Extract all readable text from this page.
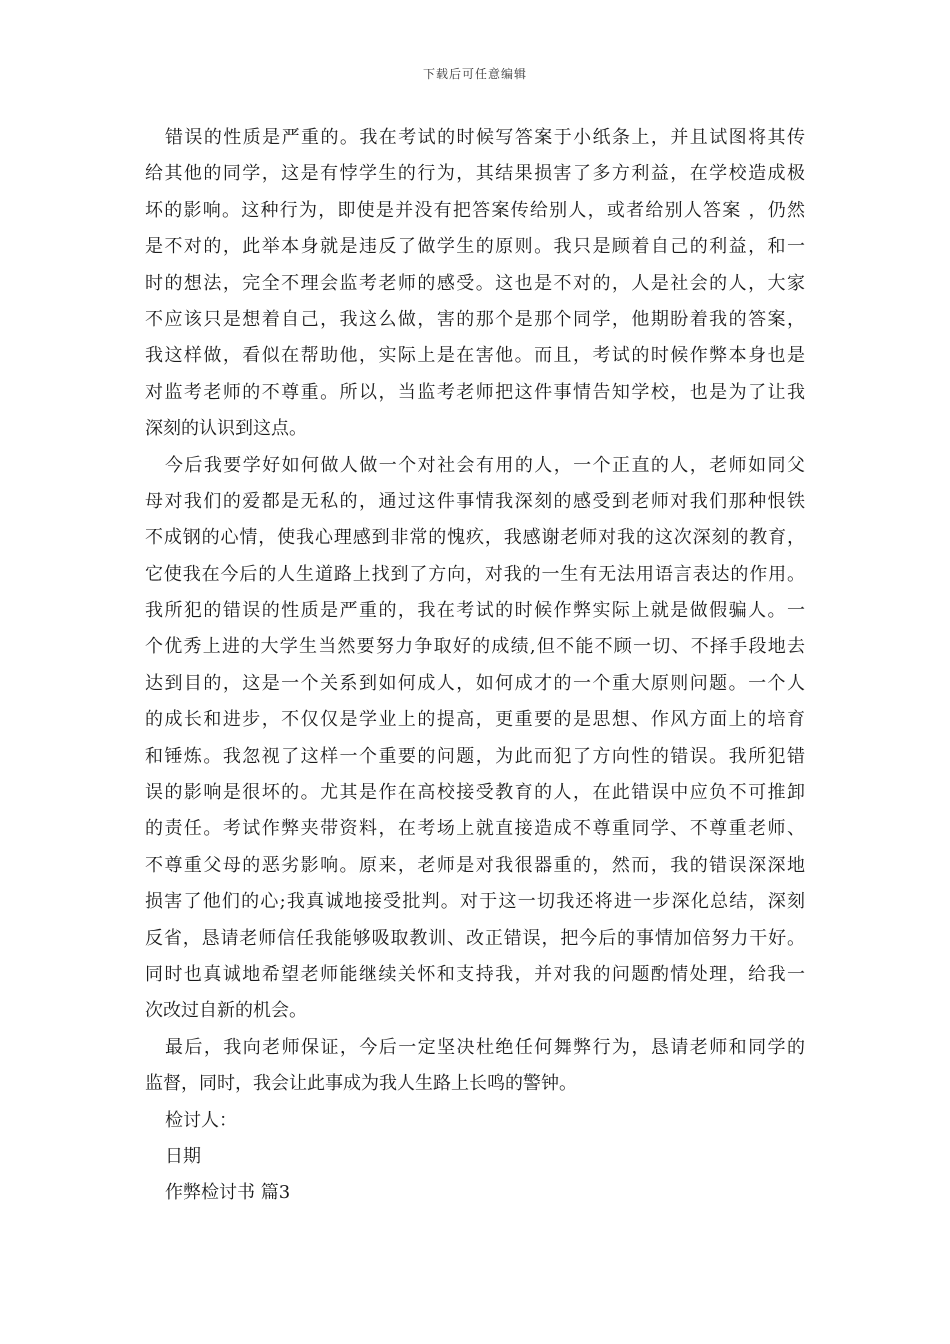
下载后可任意编辑
错误的性质是严重的。我在考试的时候写答案于小纸条上，并且试图将其传
给其他的同学，这是有悖学生的行为，其结果损害了多方利益，在学校造成极
坏的影响。这种行为，即使是并没有把答案传给别人，或者给别人答案 ，仍然
是不对的，此举本身就是违反了做学生的原则。我只是顾着自己的利益，和一
时的想法，完全不理会监考老师的感受。这也是不对的，人是社会的人，大家
不应该只是想着自己，我这么做，害的那个是那个同学，他期盼着我的答案，
我这样做，看似在帮助他，实际上是在害他。而且，考试的时候作弊本身也是
对监考老师的不尊重。所以，当监考老师把这件事情告知学校，也是为了让我
深刻的认识到这点。
今后我要学好如何做人做一个对社会有用的人，一个正直的人，老师如同父
母对我们的爱都是无私的，通过这件事情我深刻的感受到老师对我们那种恨铁
不成钢的心情，使我心理感到非常的愧疚，我感谢老师对我的这次深刻的教育，
它使我在今后的人生道路上找到了方向，对我的一生有无法用语言表达的作用。
我所犯的错误的性质是严重的，我在考试的时候作弊实际上就是做假骗人。一
个优秀上进的大学生当然要努力争取好的成绩,但不能不顾一切、不择手段地去
达到目的，这是一个关系到如何成人，如何成才的一个重大原则问题。一个人
的成长和进步，不仅仅是学业上的提高，更重要的是思想、作风方面上的培育
和锤炼。我忽视了这样一个重要的问题，为此而犯了方向性的错误。我所犯错
误的影响是很坏的。尤其是作在高校接受教育的人，在此错误中应负不可推卸
的责任。考试作弊夹带资料，在考场上就直接造成不尊重同学、不尊重老师、
不尊重父母的恶劣影响。原来，老师是对我很器重的，然而，我的错误深深地
损害了他们的心;我真诚地接受批判。对于这一切我还将进一步深化总结，深刻
反省，恳请老师信任我能够吸取教训、改正错误，把今后的事情加倍努力干好。
同时也真诚地希望老师能继续关怀和支持我，并对我的问题酌情处理，给我一
次改过自新的机会。
最后，我向老师保证，今后一定坚决杜绝任何舞弊行为，恳请老师和同学的
监督，同时，我会让此事成为我人生路上长鸣的警钟。
检讨人：
日期
作弊检讨书 篇3
